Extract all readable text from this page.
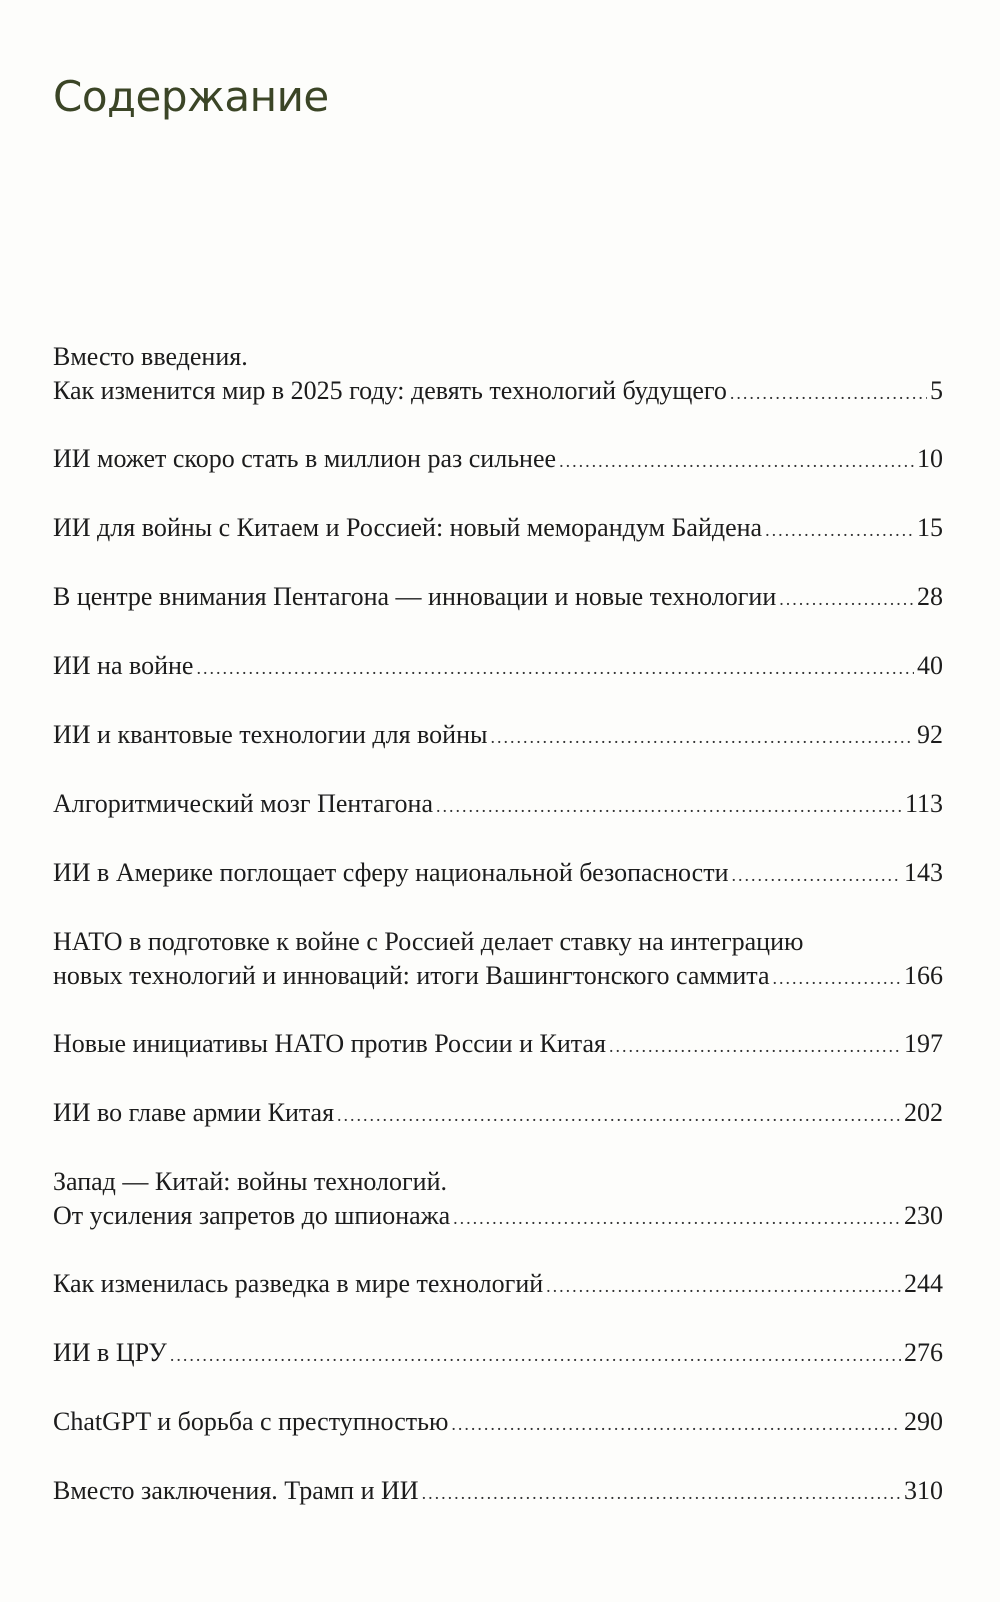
Содержание
Вместо введения.
Как изменится мир в 2025 году: девять технологий будущего .....	5
ИИ может скоро стать в миллион раз сильнее .....	10
ИИ для войны с Китаем и Россией: новый меморандум Байдена .....	15
В центре внимания Пентагона — инновации и новые технологии .....	28
ИИ на войне .....	40
ИИ и квантовые технологии для войны .....	92
Алгоритмический мозг Пентагона .....	113
ИИ в Америке поглощает сферу национальной безопасности .....	143
НАТО в подготовке к войне с Россией делает ставку на интеграцию
новых технологий и инноваций: итоги Вашингтонского саммита .....	166
Новые инициативы НАТО против России и Китая .....	197
ИИ во главе армии Китая .....	202
Запад — Китай: войны технологий.
От усиления запретов до шпионажа .....	230
Как изменилась разведка в мире технологий .....	244
ИИ в ЦРУ .....	276
ChatGPT и борьба с преступностью .....	290
Вместо заключения. Трамп и ИИ .....	310
